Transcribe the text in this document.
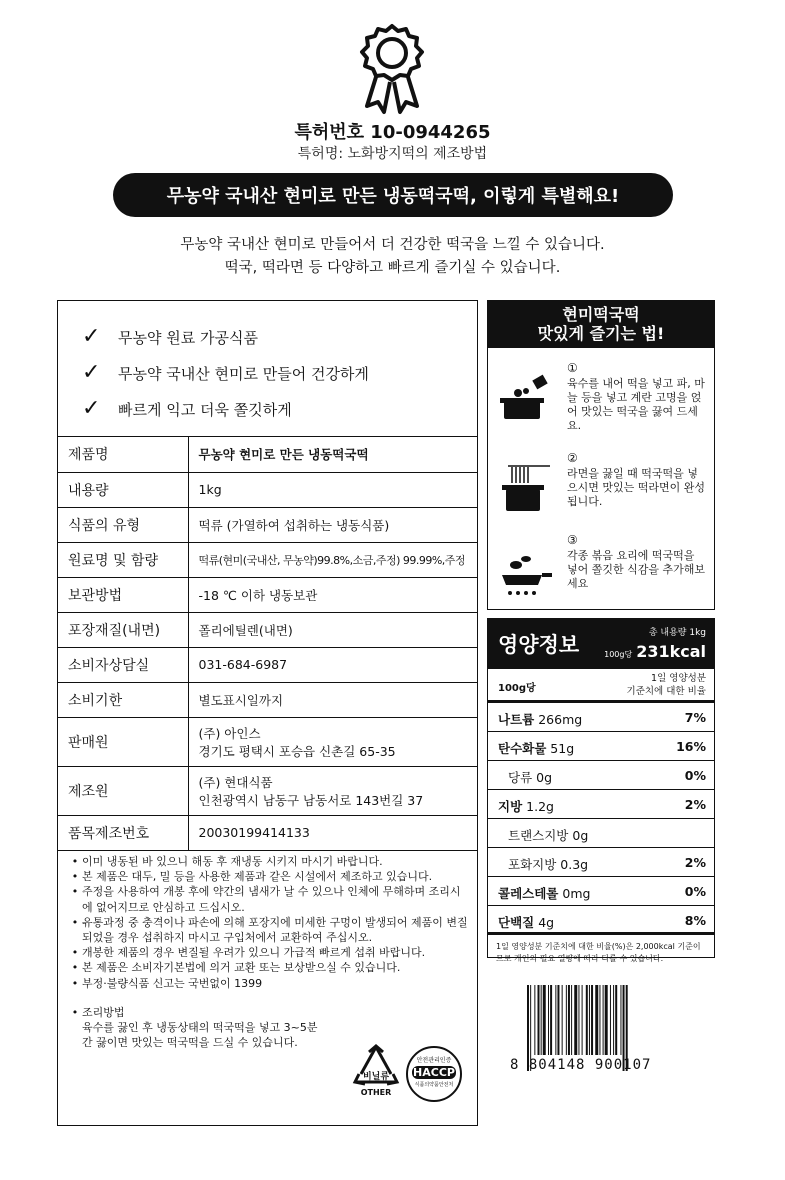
특허번호 10-0944265
특허명: 노화방지떡의 제조방법
무농약 국내산 현미로 만든 냉동떡국떡, 이렇게 특별해요!
무농약 국내산 현미로 만들어서 더 건강한 떡국을 느낄 수 있습니다.
떡국, 떡라면 등 다양하고 빠르게 즐기실 수 있습니다.
✓ 무농약 원료 가공식품
✓ 무농약 국내산 현미로 만들어 건강하게
✓ 빠르게 익고 더욱 쫄깃하게
제품명	무농약 현미로 만든 냉동떡국떡
내용량	1kg
식품의 유형	떡류 (가열하여 섭취하는 냉동식품)
원료명 및 함량	떡류(현미(국내산, 무농약)99.8%,소금,주정) 99.99%,주정
보관방법	-18 ℃ 이하 냉동보관
포장재질(내면)	폴리에틸렌(내면)
소비자상담실	031-684-6987
소비기한	별도표시일까지
판매원	(주) 아인스
경기도 평택시 포승읍 신촌길 65-35

제조원	(주) 현대식품
인천광역시 남동구 남동서로 143번길 37

품목제조번호	20030199414133
• 이미 냉동된 바 있으니 해동 후 재냉동 시키지 마시기 바랍니다.
• 본 제품은 대두, 밀 등을 사용한 제품과 같은 시설에서 제조하고 있습니다.
• 주정을 사용하여 개봉 후에 약간의 냄새가 날 수 있으나 인체에 무해하며 조리시에 없어지므로 안심하고 드십시오.
• 유통과정 중 충격이나 파손에 의해 포장지에 미세한 구멍이 발생되어 제품이 변질되었을 경우 섭취하지 마시고 구입처에서 교환하여 주십시오.
• 개봉한 제품의 경우 변질될 우려가 있으니 가급적 빠르게 섭취 바랍니다.
• 본 제품은 소비자기본법에 의거 교환 또는 보상받으실 수 있습니다.
• 부정·불량식품 신고는 국번없이 1399
• 조리방법
육수를 끓인 후 냉동상태의 떡국떡을 넣고 3~5분간 끓이면 맛있는 떡국떡을 드실 수 있습니다.
비닐류
OTHER
안전관리인증
HACCP
식품의약품안전처
현미떡국떡
맛있게 즐기는 법!
①
육수를 내어 떡을 넣고 파, 마늘 등을 넣고 계란 고명을 얹어 맛있는 떡국을 끓여 드세요.
②
라면을 끓일 때 떡국떡을 넣으시면 맛있는 떡라면이 완성됩니다.
③
각종 볶음 요리에 떡국떡을 넣어 쫄깃한 식감을 추가해보세요
영양정보	총 내용량 1kg
100g당 231kcal
100g당
1일 영양성분
기준치에 대한 비율
나트륨 266mg	7%
탄수화물 51g	16%
당류 0g	0%
지방 1.2g	2%
트랜스지방 0g
포화지방 0.3g	2%
콜레스테롤 0mg	0%
단백질 4g	8%
1일 영양성분 기준치에 대한 비율(%)은 2,000kcal 기준이므로 개인의 필요 열량에 따라 다를 수 있습니다.
8 804148 900107
